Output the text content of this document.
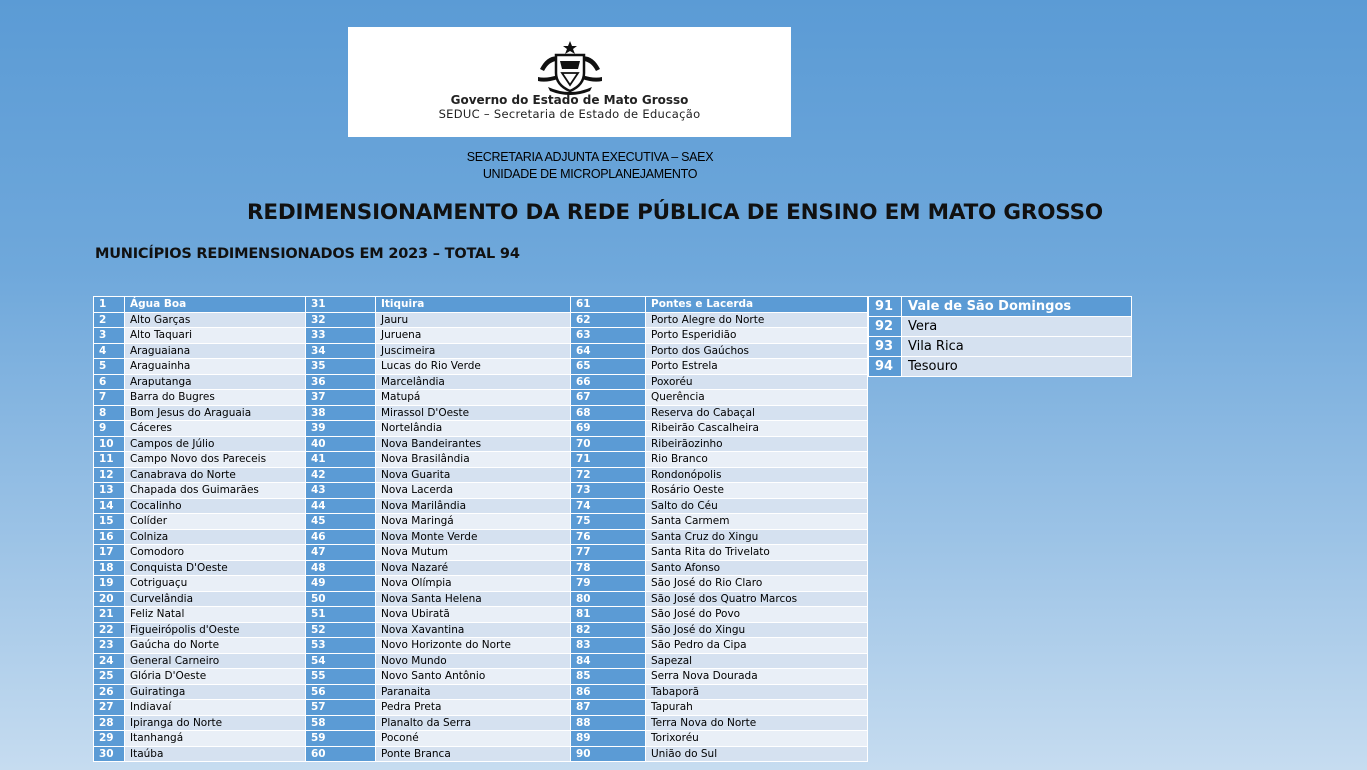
Governo do Estado de Mato Grosso
SEDUC – Secretaria de Estado de Educação
SECRETARIA ADJUNTA EXECUTIVA – SAEX
UNIDADE DE MICROPLANEJAMENTO
REDIMENSIONAMENTO DA REDE PÚBLICA DE ENSINO EM MATO GROSSO
MUNICÍPIOS REDIMENSIONADOS EM 2023 – TOTAL 94
1	Água Boa	31	Itiquira	61	Pontes e Lacerda
2	Alto Garças	32	Jauru	62	Porto Alegre do Norte
3	Alto Taquari	33	Juruena	63	Porto Esperidião
4	Araguaiana	34	Juscimeira	64	Porto dos Gaúchos
5	Araguainha	35	Lucas do Rio Verde	65	Porto Estrela
6	Araputanga	36	Marcelândia	66	Poxoréu
7	Barra do Bugres	37	Matupá	67	Querência
8	Bom Jesus do Araguaia	38	Mirassol D'Oeste	68	Reserva do Cabaçal
9	Cáceres	39	Nortelândia	69	Ribeirão Cascalheira
10	Campos de Júlio	40	Nova Bandeirantes	70	Ribeirãozinho
11	Campo Novo dos Pareceis	41	Nova Brasilândia	71	Rio Branco
12	Canabrava do Norte	42	Nova Guarita	72	Rondonópolis
13	Chapada dos Guimarães	43	Nova Lacerda	73	Rosário Oeste
14	Cocalinho	44	Nova Marilândia	74	Salto do Céu
15	Colíder	45	Nova Maringá	75	Santa Carmem
16	Colniza	46	Nova Monte Verde	76	Santa Cruz do Xingu
17	Comodoro	47	Nova Mutum	77	Santa Rita do Trivelato
18	Conquista D'Oeste	48	Nova Nazaré	78	Santo Afonso
19	Cotriguaçu	49	Nova Olímpia	79	São José do Rio Claro
20	Curvelândia	50	Nova Santa Helena	80	São José dos Quatro Marcos
21	Feliz Natal	51	Nova Ubiratã	81	São José do Povo
22	Figueirópolis d'Oeste	52	Nova Xavantina	82	São José do Xingu
23	Gaúcha do Norte	53	Novo Horizonte do Norte	83	São Pedro da Cipa
24	General Carneiro	54	Novo Mundo	84	Sapezal
25	Glória D'Oeste	55	Novo Santo Antônio	85	Serra Nova Dourada
26	Guiratinga	56	Paranaita	86	Tabaporã
27	Indiavaí	57	Pedra Preta	87	Tapurah
28	Ipiranga do Norte	58	Planalto da Serra	88	Terra Nova do Norte
29	Itanhangá	59	Poconé	89	Torixoréu
30	Itaúba	60	Ponte Branca	90	União do Sul
91	Vale de São Domingos
92	Vera
93	Vila Rica
94	Tesouro
